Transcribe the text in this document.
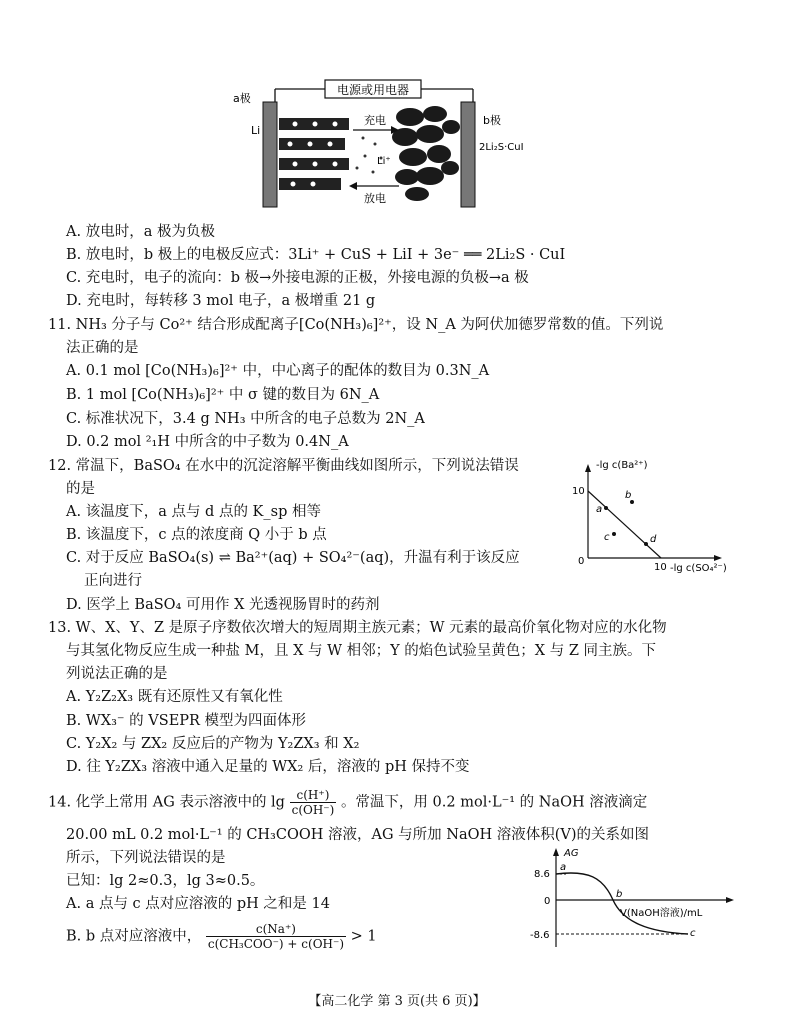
电源或用电器
a极
Li
b极
2Li₂S·CuI
充电
放电
Li⁺
A. 放电时，a 极为负极
B. 放电时，b 极上的电极反应式：3Li⁺ + CuS + LiI + 3e⁻ ══ 2Li₂S · CuI
C. 充电时，电子的流向：b 极→外接电源的正极，外接电源的负极→a 极
D. 充电时，每转移 3 mol 电子，a 极增重 21 g
11. NH₃ 分子与 Co²⁺ 结合形成配离子[Co(NH₃)₆]²⁺，设 N_A 为阿伏加德罗常数的值。下列说
法正确的是
A. 0.1 mol [Co(NH₃)₆]²⁺ 中，中心离子的配体的数目为 0.3N_A
B. 1 mol [Co(NH₃)₆]²⁺ 中 σ 键的数目为 6N_A
C. 标准状况下，3.4 g NH₃ 中所含的电子总数为 2N_A
D. 0.2 mol ²₁H 中所含的中子数为 0.4N_A
12. 常温下，BaSO₄ 在水中的沉淀溶解平衡曲线如图所示，下列说法错误
的是
A. 该温度下，a 点与 d 点的 K_sp 相等
B. 该温度下，c 点的浓度商 Q 小于 b 点
C. 对于反应 BaSO₄(s) ⇌ Ba²⁺(aq) + SO₄²⁻(aq)，升温有利于该反应
正向进行
D. 医学上 BaSO₄ 可用作 X 光透视肠胃时的药剂
-lg c(Ba²⁺)
-lg c(SO₄²⁻)
10
10
0
a
b
c	d
13. W、X、Y、Z 是原子序数依次增大的短周期主族元素；W 元素的最高价氧化物对应的水化物
与其氢化物反应生成一种盐 M，且 X 与 W 相邻；Y 的焰色试验呈黄色；X 与 Z 同主族。下
列说法正确的是
A. Y₂Z₂X₃ 既有还原性又有氧化性
B. WX₃⁻ 的 VSEPR 模型为四面体形
C. Y₂X₂ 与 ZX₂ 反应后的产物为 Y₂ZX₃ 和 X₂
D. 往 Y₂ZX₃ 溶液中通入足量的 WX₂ 后，溶液的 pH 保持不变
14. 化学上常用 AG 表示溶液中的 $\lg \frac{c(H^+)}{c(OH^-)}$ 。常温下，用 0.2 mol·L⁻¹ 的 NaOH 溶液滴定
20.00 mL 0.2 mol·L⁻¹ 的 CH₃COOH 溶液，AG 与所加 NaOH 溶液体积(V)的关系如图
所示，下列说法错误的是
已知：lg 2≈0.3，lg 3≈0.5。
A. a 点与 c 点对应溶液的 pH 之和是 14
B. b 点对应溶液中， $\frac{c(Na^+)}{\text{c(CH₃COO⁻) + c(OH⁻)}} > 1$
AG
V(NaOH溶液)/mL
8.6
0
-8.6
a
b
c
【高二化学 第 3 页(共 6 页)】
